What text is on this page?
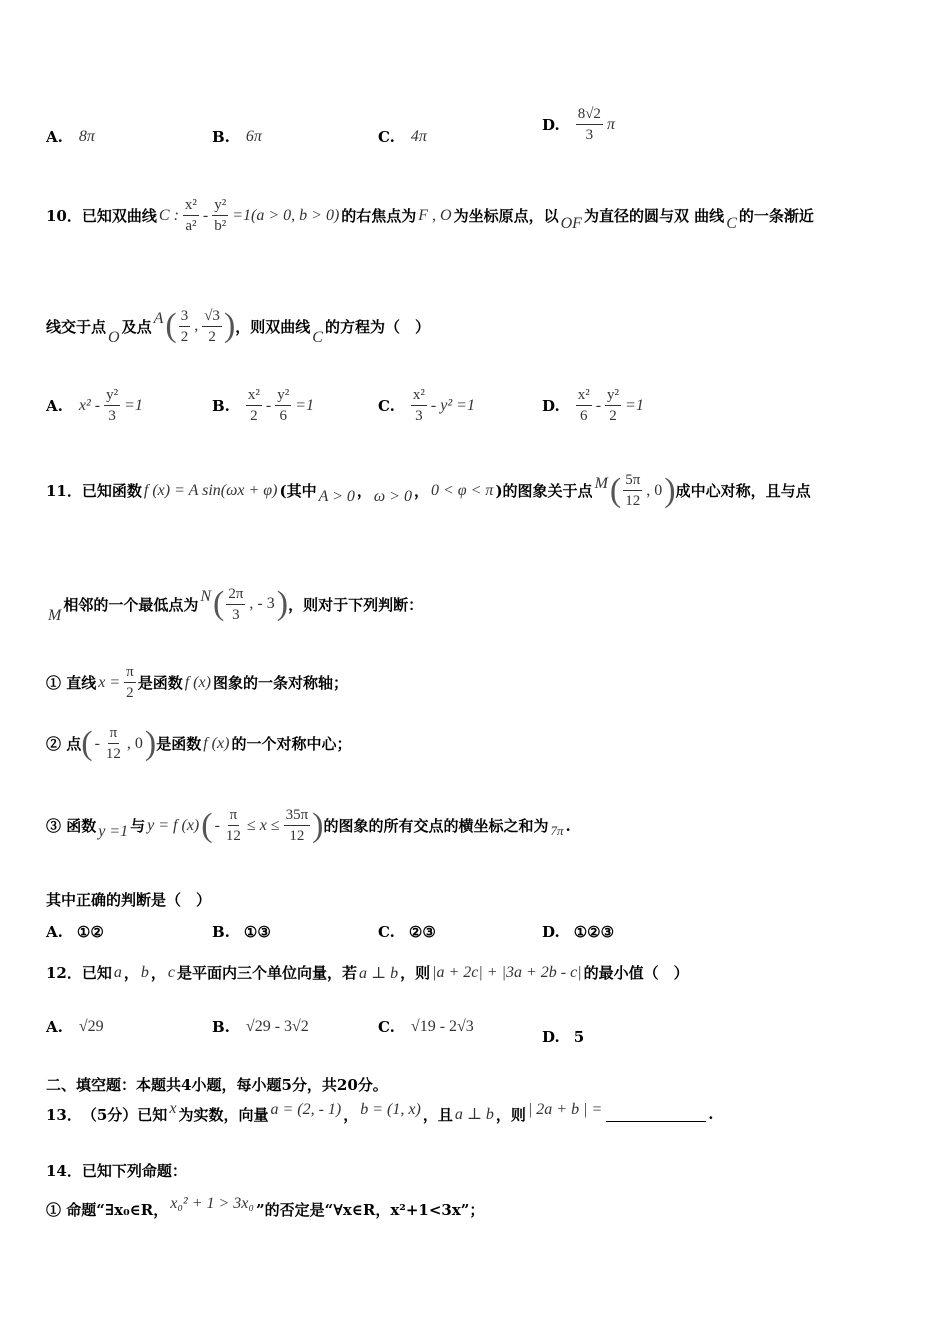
A. 8π	B. 6π	C. 4π
D. $\frac{8√2}{3}$ π
10． 已知双曲线 C : $\frac{\text{x²}}{\text{a²}} - \frac{\text{y²}}{\text{b²}} =1(a > 0$, b > 0) 的右焦点为 F , O 为坐标原点，以 OF 为直径的圆与双 曲线 C 的一条渐近
线交于点
O
及点 A ( $\frac{3}{2}$ , $\frac{√3}{2}$ ) ，则双曲线
C
的方程为（　）
A. $x^2 - \frac{\text{y²}}{3} =1$	B. $\frac{\text{x²}}{2} - \frac{\text{y²}}{6} =1$	C. $\frac{\text{x²}}{3} - y^2 =1$	D. $\frac{\text{x²}}{6} - \frac{\text{y²}}{2} =1$
11． 已知函数 f (x) = A sin(ωx + φ) (其中 A > 0 ， ω > 0 ， 0 < φ < π )的图象关于点 M ( $\frac{5\pi}{12}$ , 0 ) 成中心对称，且与点
M
相邻的一个最低点为 N ( $\frac{2\pi}{3}$ , - 3 ) ，则对于下列判断：
① 直线 $x = \frac{\pi}{2}$ 是函数 f (x) 图象的一条对称轴；
② 点 ( - $\frac{\pi}{12}$ , 0 ) 是函数 f (x) 的一个对称中心；
③ 函数 y =1 与 y = f (x) ( - $\frac{\pi}{12} \le x \le \frac{35\pi}{12}$ ) 的图象的所有交点的横坐标之和为 7π .
其中正确的判断是（　）
A. ①②	B. ①③	C. ②③	D. ①②③
12． 已知 a ， b ， c 是平面内三个单位向量，若 a ⊥ b ，则 |a + 2c| + |3a + 2b - c| 的最小值（　）
A. √29	B. √29 - 3√2	C. √19 - 2√3
D. 5
二、填空题：本题共4小题，每小题5分，共20分。
13． （5分）已知 x 为实数，向量 a = (2, - 1) ， b = (1, x) ，且 a ⊥ b ，则 | 2a + b | =	.
14． 已知下列命题：
① 命题“∃x₀∈R， x₀² + 1 > 3x₀ ”的否定是“∀x∈R，x²+1<3x”；
